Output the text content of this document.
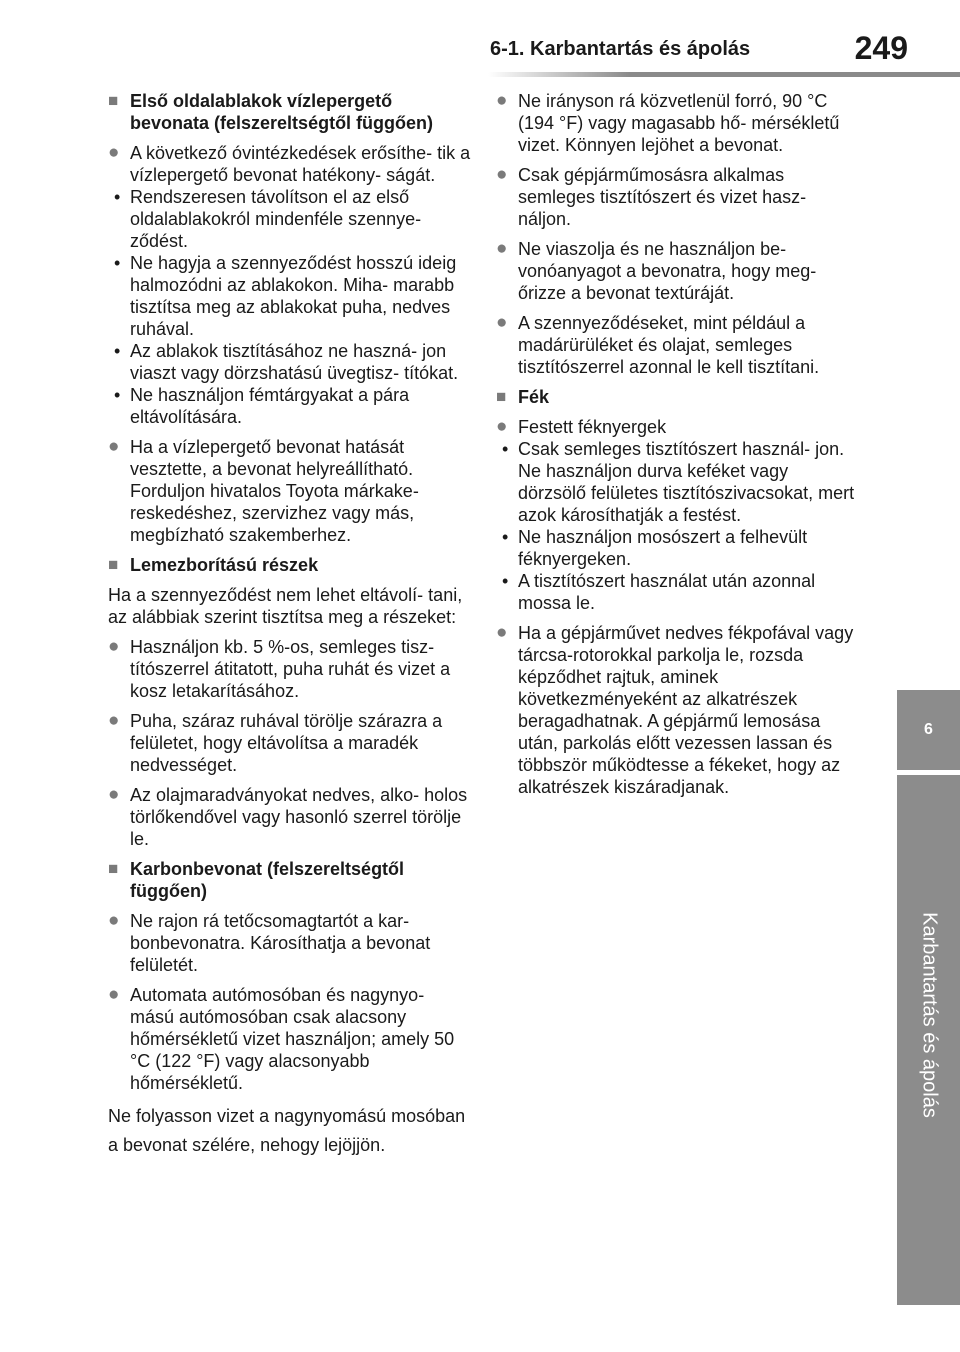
6-1. Karbantartás és ápolás	249
6
Karbantartás és ápolás
■ Első oldalablakok vízlepergető bevonata (felszereltségtől függően)
● A következő óvintézkedések erősíthe- tik a vízlepergető bevonat hatékony- ságát.
• Rendszeresen távolítson el az első oldalablakokról mindenféle szennye- ződést.
• Ne hagyja a szennyeződést hosszú ideig halmozódni az ablakokon. Miha- marabb tisztítsa meg az ablakokat puha, nedves ruhával.
• Az ablakok tisztításához ne haszná- jon viaszt vagy dörzshatású üvegtisz- títókat.
• Ne használjon fémtárgyakat a pára eltávolítására.
● Ha a vízlepergető bevonat hatását vesztette, a bevonat helyreállítható. Forduljon hivatalos Toyota márkake- reskedéshez, szervizhez vagy más, megbízható szakemberhez.
■ Lemezborítású részek
Ha a szennyeződést nem lehet eltávolí- tani, az alábbiak szerint tisztítsa meg a részeket:
● Használjon kb. 5 %-os, semleges tisz- títószerrel átitatott, puha ruhát és vizet a kosz letakarításához.
● Puha, száraz ruhával törölje szárazra a felületet, hogy eltávolítsa a maradék nedvességet.
● Az olajmaradványokat nedves, alko- holos törlőkendővel vagy hasonló szerrel törölje le.
■ Karbonbevonat (felszereltségtől függően)
● Ne rajon rá tetőcsomagtartót a kar- bonbevonatra. Károsíthatja a bevonat felületét.
● Automata autómosóban és nagynyo- mású autómosóban csak alacsony hőmérsékletű vizet használjon; amely 50 °C (122 °F) vagy alacsonyabb hőmérsékletű.
Ne folyasson vizet a nagynyomású mosóban a bevonat szélére, nehogy lejöjjön.
● Ne irányson rá közvetlenül forró, 90 °C (194 °F) vagy magasabb hő- mérsékletű vizet. Könnyen lejöhet a bevonat.
● Csak gépjárműmosásra alkalmas semleges tisztítószert és vizet hasz- náljon.
● Ne viaszolja és ne használjon be- vonóanyagot a bevonatra, hogy meg- őrizze a bevonat textúráját.
● A szennyeződéseket, mint például a madárürüléket és olajat, semleges tisztítószerrel azonnal le kell tisztítani.
■ Fék
● Festett féknyergek
• Csak semleges tisztítószert használ- jon. Ne használjon durva keféket vagy dörzsölő felületes tisztítószivacsokat, mert azok károsíthatják a festést.
• Ne használjon mosószert a felhevült féknyergeken.
• A tisztítószert használat után azonnal mossa le.
● Ha a gépjárművet nedves fékpofával vagy tárcsa-rotorokkal parkolja le, rozsda képződhet rajtuk, aminek következményeként az alkatrészek beragadhatnak. A gépjármű lemosása után, parkolás előtt vezessen lassan és többször működtesse a fékeket, hogy az alkatrészek kiszáradjanak.
